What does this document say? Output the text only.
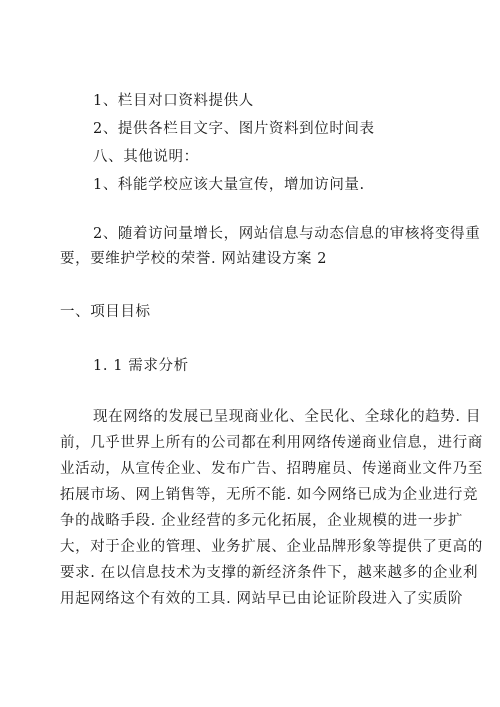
1、栏目对口资料提供人
2、提供各栏目文字、图片资料到位时间表
八、其他说明：
1、科能学校应该大量宣传，增加访问量.
2、随着访问量增长，网站信息与动态信息的审核将变得重
要，要维护学校的荣誉. 网站建设方案 2
一、项目目标
1. 1 需求分析
现在网络的发展已呈现商业化、全民化、全球化的趋势. 目
前，几乎世界上所有的公司都在利用网络传递商业信息，进行商
业活动，从宣传企业、发布广告、招聘雇员、传递商业文件乃至
拓展市场、网上销售等，无所不能. 如今网络已成为企业进行竞
争的战略手段. 企业经营的多元化拓展，企业规模的进一步扩
大，对于企业的管理、业务扩展、企业品牌形象等提供了更高的
要求. 在以信息技术为支撑的新经济条件下，越来越多的企业利
用起网络这个有效的工具. 网站早已由论证阶段进入了实质阶
